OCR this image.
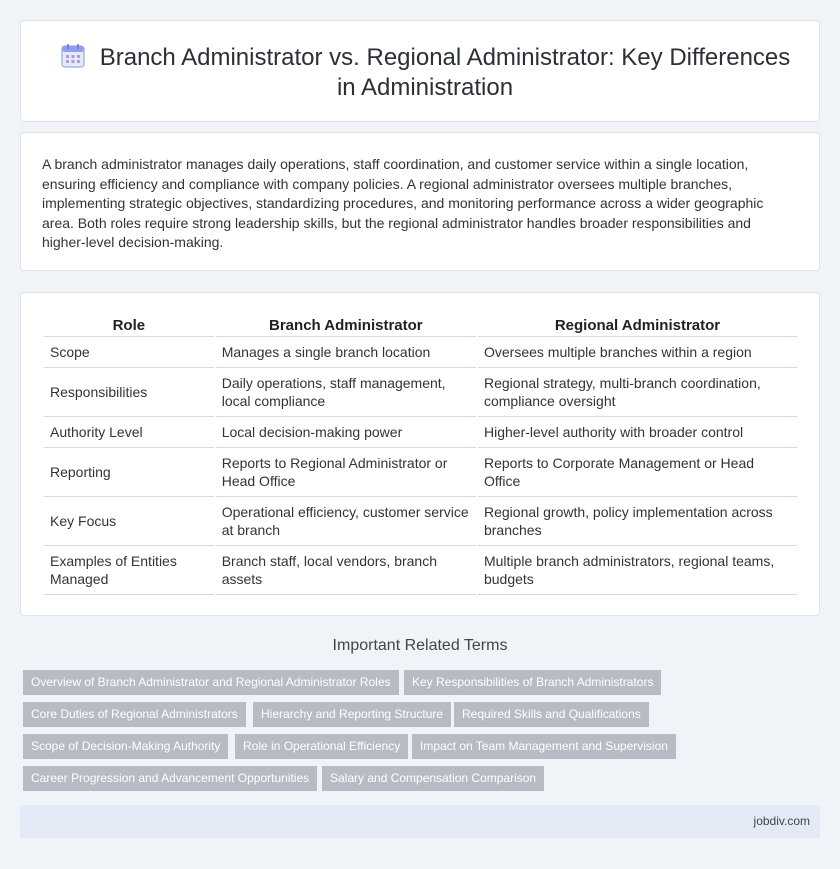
Branch Administrator vs. Regional Administrator: Key Differences in Administration

A branch administrator manages daily operations, staff coordination, and customer service within a single location, ensuring efficiency and compliance with company policies. A regional administrator oversees multiple branches, implementing strategic objectives, standardizing procedures, and monitoring performance across a wider geographic area. Both roles require strong leadership skills, but the regional administrator handles broader responsibilities and higher-level decision-making.

Role	Branch Administrator	Regional Administrator
Scope	Manages a single branch location	Oversees multiple branches within a region
Responsibilities	Daily operations, staff management, local compliance	Regional strategy, multi-branch coordination, compliance oversight
Authority Level	Local decision-making power	Higher-level authority with broader control
Reporting	Reports to Regional Administrator or Head Office	Reports to Corporate Management or Head Office
Key Focus	Operational efficiency, customer service at branch	Regional growth, policy implementation across branches
Examples of Entities Managed	Branch staff, local vendors, branch assets	Multiple branch administrators, regional teams, budgets
Important Related Terms
Overview of Branch Administrator and Regional Administrator Roles	Key Responsibilities of Branch Administrators
Core Duties of Regional Administrators	Hierarchy and Reporting Structure	Required Skills and Qualifications
Scope of Decision-Making Authority	Role in Operational Efficiency	Impact on Team Management and Supervision
Career Progression and Advancement Opportunities	Salary and Compensation Comparison
jobdiv.com
